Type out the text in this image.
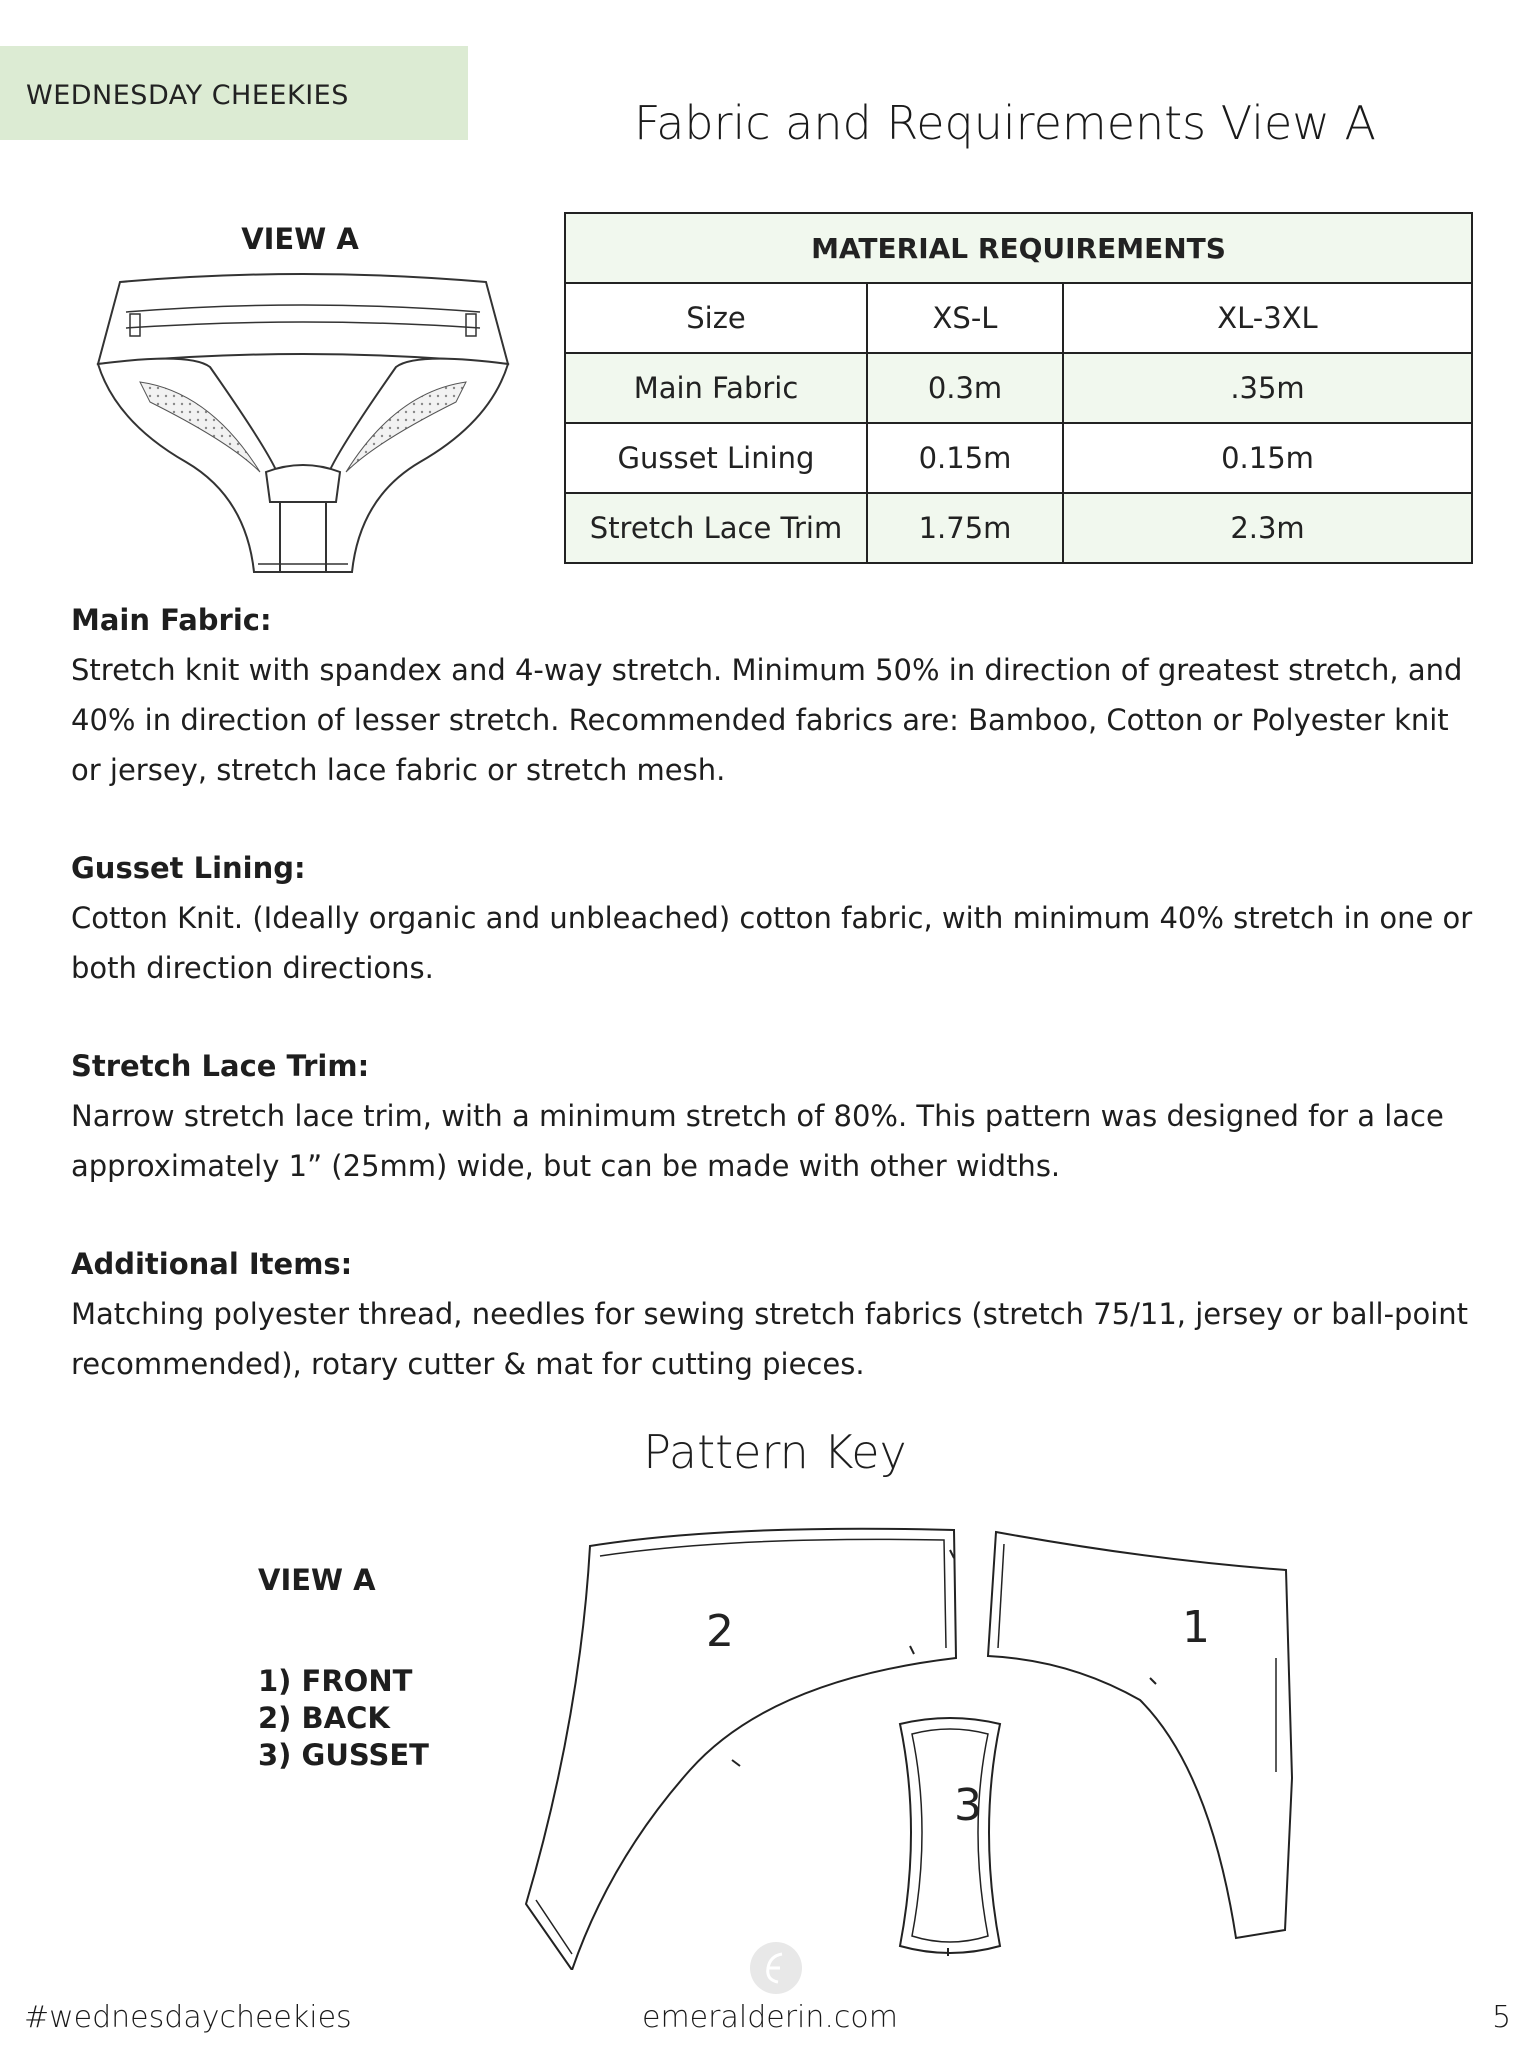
WEDNESDAY CHEEKIES
Fabric and Requirements View A
VIEW A	MATERIAL REQUIREMENTS		
Size	XS-L	XL-3XL
Main Fabric	0.3m	.35m
Gusset Lining	0.15m	0.15m
Stretch Lace Trim	1.75m	2.3m
Main Fabric:

Stretch knit with spandex and 4-way stretch. Minimum 50% in direction of greatest stretch, and 40% in direction of lesser stretch. Recommended fabrics are: Bamboo, Cotton or Polyester knit or jersey, stretch lace fabric or stretch mesh.

Gusset Lining:

Cotton Knit. (Ideally organic and unbleached) cotton fabric, with minimum 40% stretch in one or both direction directions.

Stretch Lace Trim:

Narrow stretch lace trim, with a minimum stretch of 80%. This pattern was designed for a lace approximately 1” (25mm) wide, but can be made with other widths.

Additional Items:

Matching polyester thread, needles for sewing stretch fabrics (stretch 75/11, jersey or ball-point recommended), rotary cutter & mat for cutting pieces.

Pattern Key
VIEW A
1) FRONT
2) BACK
3) GUSSET
2	1
3
#wednesdaycheekies	emeralderin.com	5
